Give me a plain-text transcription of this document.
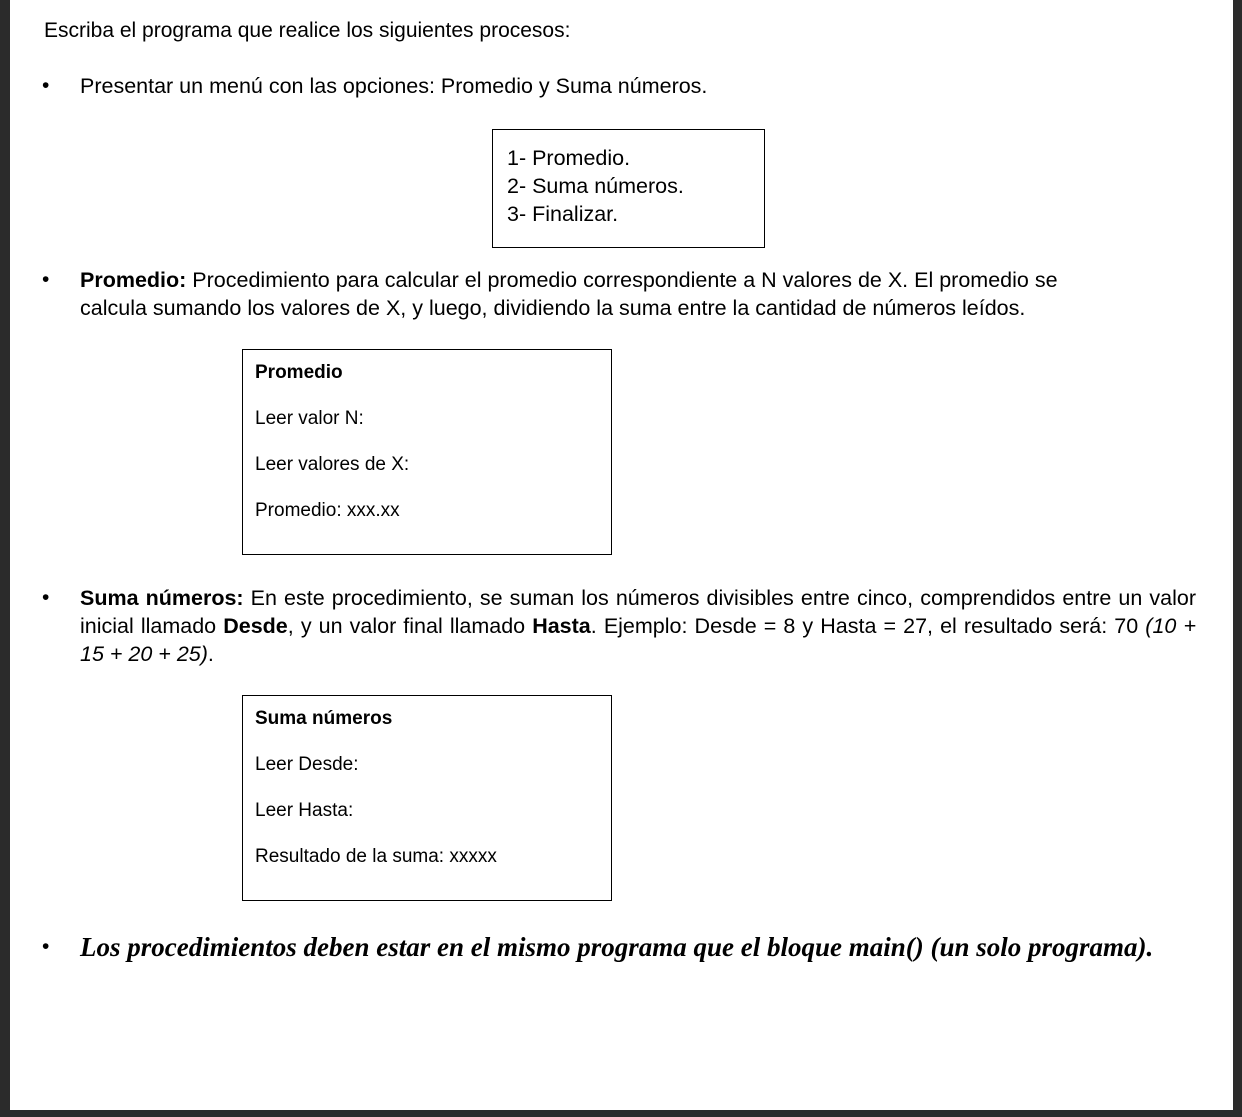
Escriba el programa que realice los siguientes procesos:
• Presentar un menú con las opciones: Promedio y Suma números.
1- Promedio.
2- Suma números.
3- Finalizar.
• Promedio: Procedimiento para calcular el promedio correspondiente a N valores de X. El promedio se
calcula sumando los valores de X, y luego, dividiendo la suma entre la cantidad de números leídos.
Promedio
Leer valor N:
Leer valores de X:
Promedio: xxx.xx
• Suma números: En este procedimiento, se suman los números divisibles entre cinco, comprendidos entre un valor inicial llamado Desde, y un valor final llamado Hasta. Ejemplo: Desde = 8 y Hasta = 27, el resultado será: 70 (10 + 15 + 20 + 25).
Suma números
Leer Desde:
Leer Hasta:
Resultado de la suma: xxxxx
• Los procedimientos deben estar en el mismo programa que el bloque main() (un solo programa).
